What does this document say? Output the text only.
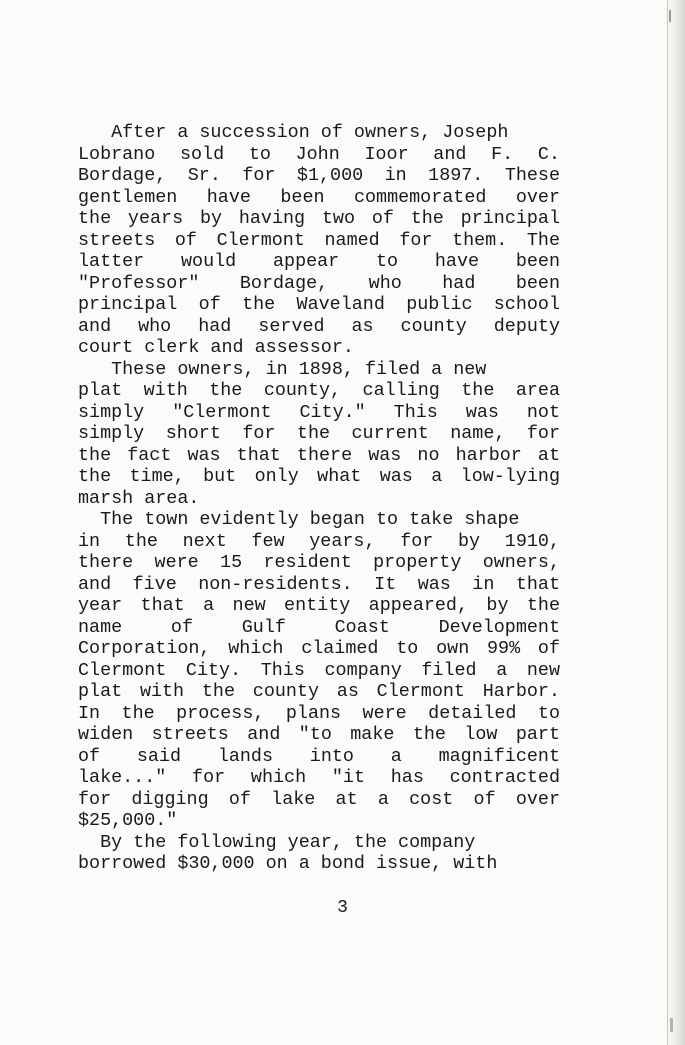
After a succession of owners, Joseph
Lobrano sold to John Ioor and F. C.
Bordage, Sr. for $1,000 in 1897. These
gentlemen have been commemorated over
the years by having two of the principal
streets of Clermont named for them. The
latter would appear to have been
"Professor" Bordage, who had been
principal of the Waveland public school
and who had served as county deputy
court clerk and assessor.
These owners, in 1898, filed a new
plat with the county, calling the area
simply "Clermont City." This was not
simply short for the current name, for
the fact was that there was no harbor at
the time, but only what was a low-lying
marsh area.
The town evidently began to take shape
in the next few years, for by 1910,
there were 15 resident property owners,
and five non-residents. It was in that
year that a new entity appeared, by the
name of Gulf Coast Development
Corporation, which claimed to own 99% of
Clermont City. This company filed a new
plat with the county as Clermont Harbor.
In the process, plans were detailed to
widen streets and "to make the low part
of said lands into a magnificent
lake..." for which "it has contracted
for digging of lake at a cost of over
$25,000."
By the following year, the company
borrowed $30,000 on a bond issue, with
3
